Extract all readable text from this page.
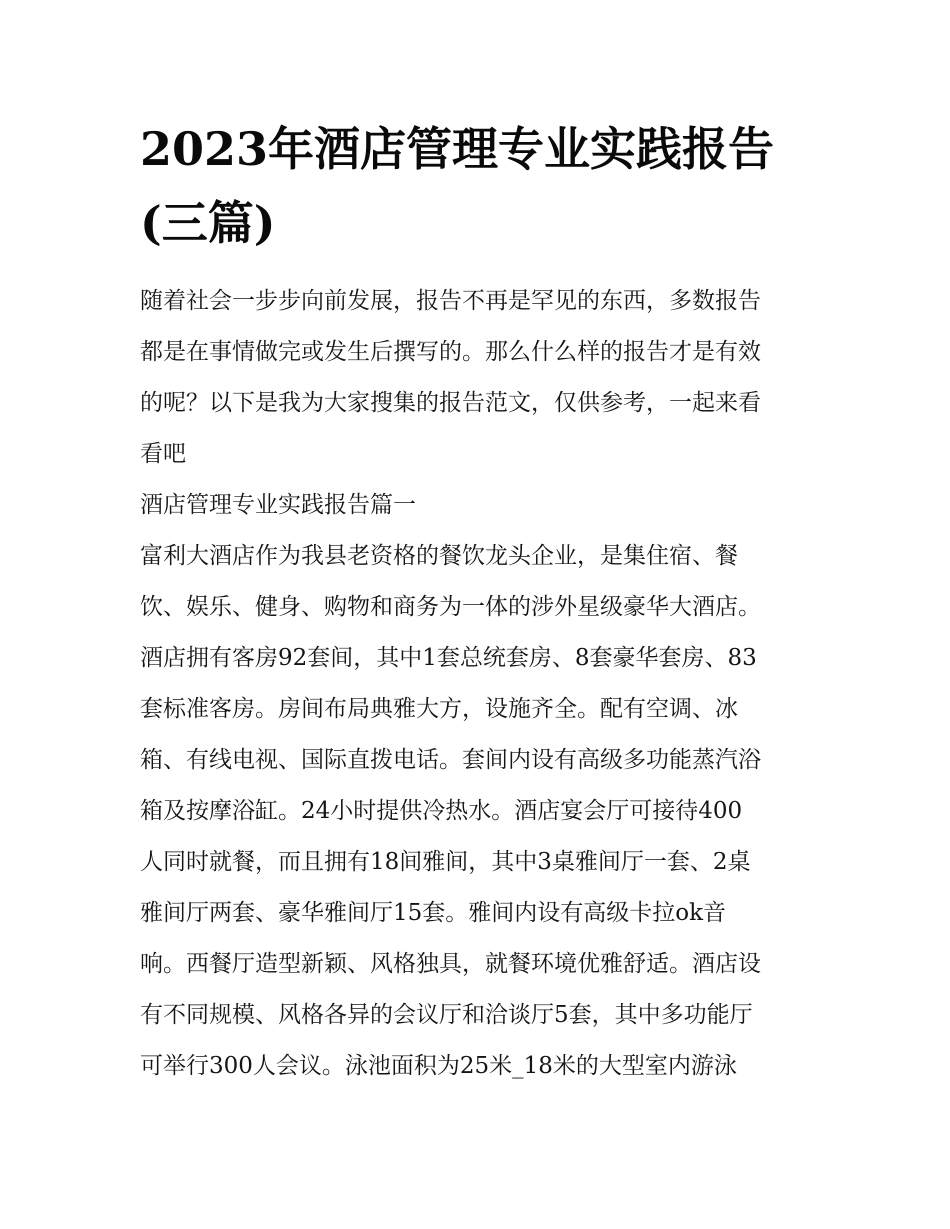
2023年酒店管理专业实践报告
(三篇)
随着社会一步步向前发展，报告不再是罕见的东西，多数报告
都是在事情做完或发生后撰写的。那么什么样的报告才是有效
的呢？以下是我为大家搜集的报告范文，仅供参考，一起来看
看吧
酒店管理专业实践报告篇一
富利大酒店作为我县老资格的餐饮龙头企业，是集住宿、餐
饮、娱乐、健身、购物和商务为一体的涉外星级豪华大酒店。
酒店拥有客房92套间，其中1套总统套房、8套豪华套房、83
套标准客房。房间布局典雅大方，设施齐全。配有空调、冰
箱、有线电视、国际直拨电话。套间内设有高级多功能蒸汽浴
箱及按摩浴缸。24小时提供冷热水。酒店宴会厅可接待400
人同时就餐，而且拥有18间雅间，其中3桌雅间厅一套、2桌
雅间厅两套、豪华雅间厅15套。雅间内设有高级卡拉ok音
响。西餐厅造型新颖、风格独具，就餐环境优雅舒适。酒店设
有不同规模、风格各异的会议厅和洽谈厅5套，其中多功能厅
可举行300人会议。泳池面积为25米_18米的大型室内游泳
